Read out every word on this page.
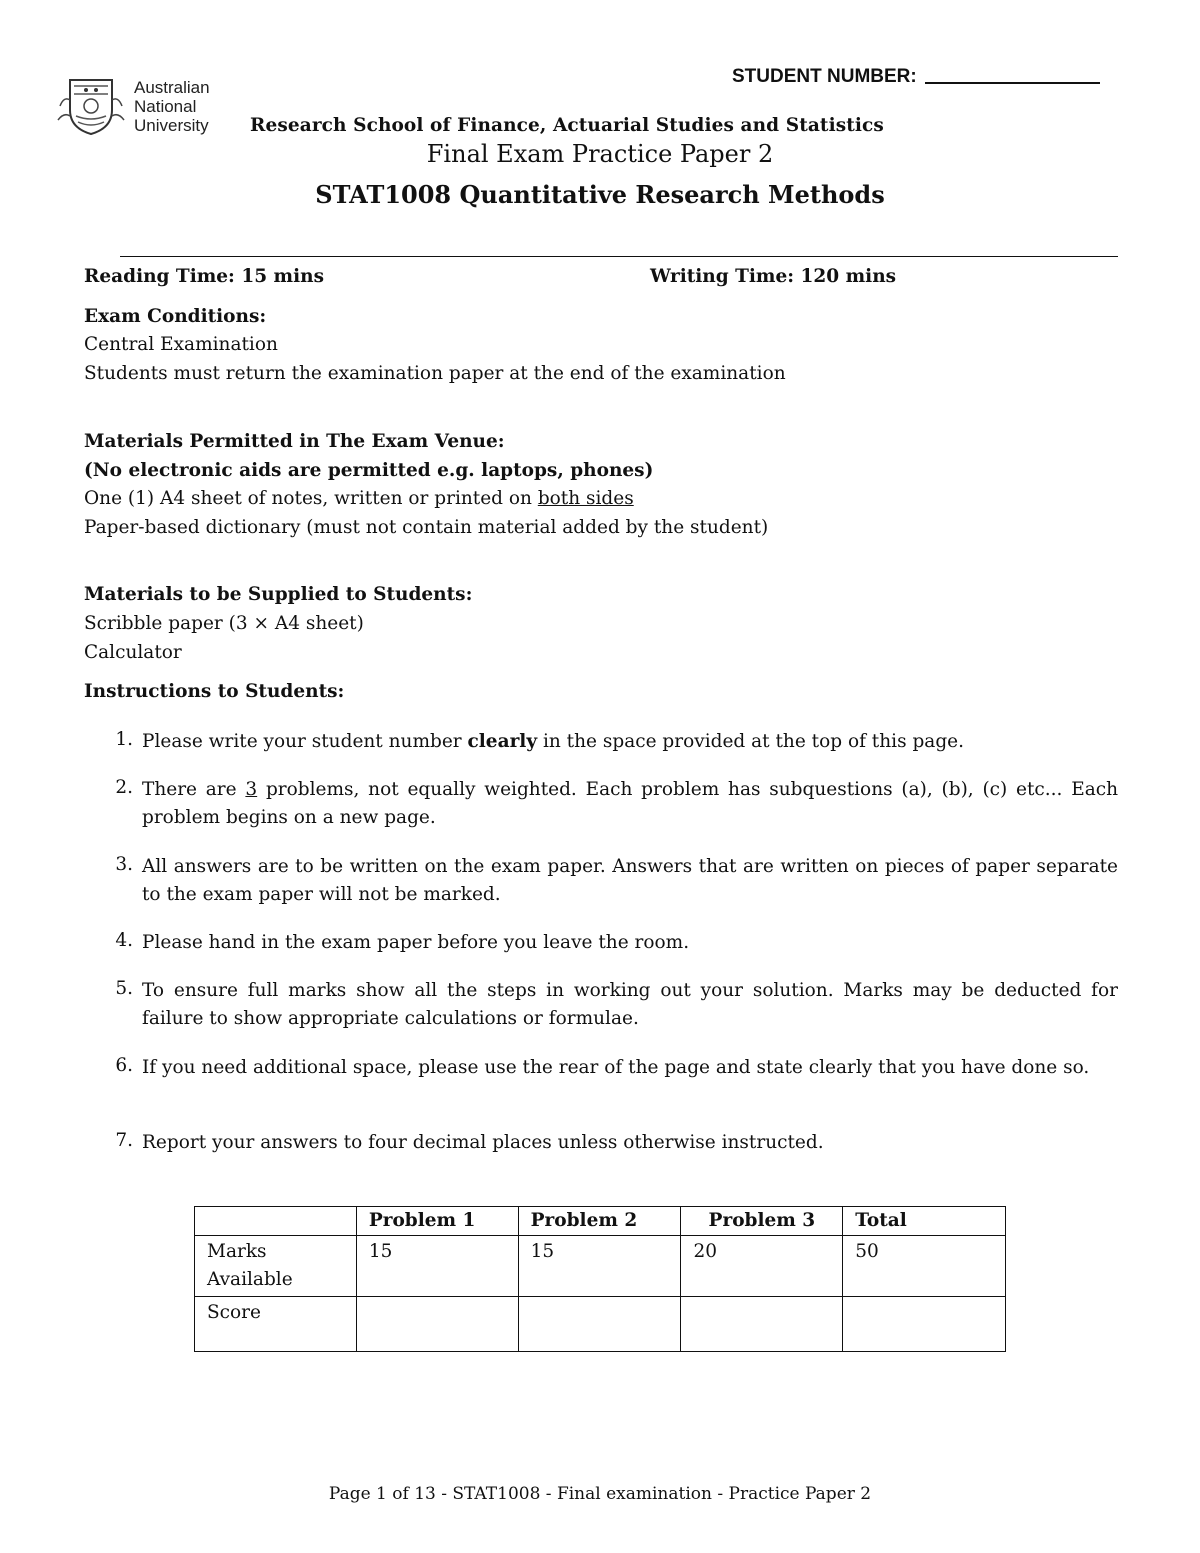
Australian
National
University
STUDENT NUMBER:
Research School of Finance, Actuarial Studies and Statistics
Final Exam Practice Paper 2
STAT1008 Quantitative Research Methods
Reading Time: 15 mins	Writing Time: 120 mins
Exam Conditions:
Central Examination
Students must return the examination paper at the end of the examination
Materials Permitted in The Exam Venue:
(No electronic aids are permitted e.g. laptops, phones)
One (1) A4 sheet of notes, written or printed on both sides
Paper-based dictionary (must not contain material added by the student)
Materials to be Supplied to Students:
Scribble paper (3 × A4 sheet)
Calculator
Instructions to Students:
1. Please write your student number clearly in the space provided at the top of this page.
2. There are 3 problems, not equally weighted. Each problem has subquestions (a), (b), (c) etc... Each problem begins on a new page.
3. All answers are to be written on the exam paper. Answers that are written on pieces of paper separate to the exam paper will not be marked.
4. Please hand in the exam paper before you leave the room.
5. To ensure full marks show all the steps in working out your solution. Marks may be deducted for failure to show appropriate calculations or formulae.
6. If you need additional space, please use the rear of the page and state clearly that you have done so.
7. Report your answers to four decimal places unless otherwise instructed.
	Problem 1	Problem 2	Problem 3	Total
Marks Available	15	15	20	50
Score				
Page 1 of 13 - STAT1008 - Final examination - Practice Paper 2
